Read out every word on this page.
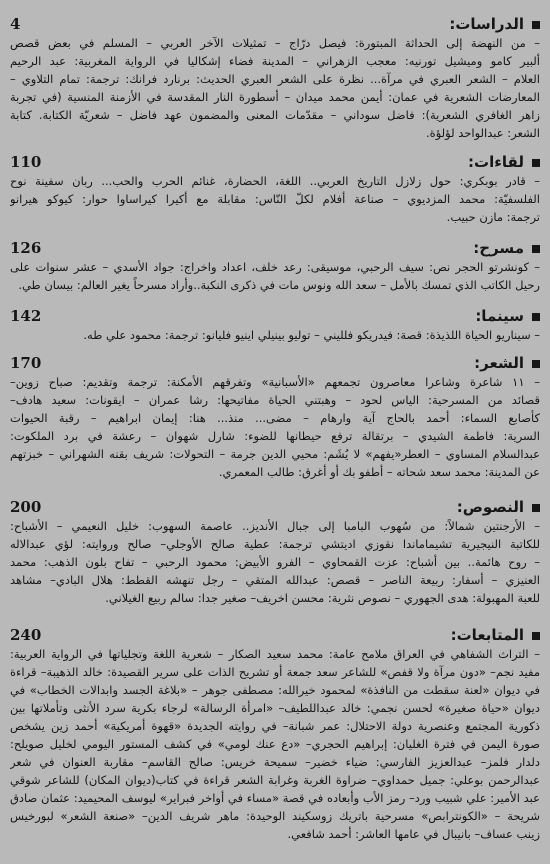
4	الدراسات:
– من النهضة إلى الحداثة المبتورة: فيصل درّاج – تمثيلات الآخر العربي – المسلم في بعض قصص
ألبير كامو وميشيل تورنيه: معجب الزهراني – المدينة فضاء إشكاليا في الرواية المغربية: عبد الرحيم
العلام – الشعر العبري في مرآة... نظرة على الشعر العبري الحديث: برنارد فرانك: ترجمة: تمام التلاوي –
المعارضات الشعرية في عمان: أيمن محمد ميدان – أسطورة النار المقدسة في الأزمنة المنسية (في تجربة
زاهر الغافري الشعرية): فاضل سوداني – مقدّمات المعنى والمضمون عهد فاضل – شعريّة الكتابة. كتابة
الشعر: عبدالواحد لؤلؤة.
110	لقاءات:
– قادر بوبكري: حول زلازل التاريخ العربي.. اللغة، الحضارة، غنائم الحرب والحب... ربان سفينة نوح
الفلسفيّة: محمد المزديوي – صناعة أفلام لكلّ النّاس: مقابلة مع أكيرا كيراساوا حوار: كيوكو هيرانو
ترجمة: مازن حبيب.
126	مسرح:
– كونشرتو الحجر نص: سيف الرحبي، موسيقى: رعد خلف، اعداد واخراج: جواد الأسدي – عشر سنوات على
رحيل الكاتب الذي تمسك بالأمل – سعد الله ونوس مات في ذكرى النكبة..وأراد مسرحاً يغير العالم: بيسان طي.
142	سينما:
– سيناريو الحياة اللذيذة: قصة: فيدريكو فلليني – توليو بينيلي اينيو فليانو: ترجمة: محمود علي طه.
170	الشعر:
– ١١ شاعرة وشاعرا معاصرون تجمعهم «الأسبانية» وتفرقهم الأمكنة: ترجمة وتقديم: صباح زوين–
قصائد من المسرحية: الياس لحود – وهبتني الحياة مفاتيحها: رشا عمران – ايقونات: سعيد هادف–
كأصابع السماء: أحمد بالحاج آية وارهام – مضى... منذ... هنا: إيمان ابراهيم – رقبة الحيوات
السرية: فاطمة الشيدي – برتقالة ترفع حيطانها للضوء: شارل شهوان – رعشة في برد الملكوت:
عبدالسلام المساوي – العطر«يفهم» لا يُشَم: محيي الدين جرمة – التحولات: شريف بقنه الشهراني – خبزتهم
عن المدينة: محمد سعد شحاته – أطفو بك أو أغرق: طالب المعمري.
200	النصوص:
– الأرجنتين شمالاً: من سُهوب البامبا إلى جبال الأنديز.. عاصمة السهوب: خليل النعيمي – الأشباح:
للكاتبة النيجيرية تشيماماندا نقوزي اديتشي ترجمة: عطية صالح الأوجلي– صالح وروايته: لؤي عبدالاله
– روح هائمة.. بين أشباح: عزت القمحاوي – الفرو الأبيض: محمود الرحبي – تفاح بلون الذهب: محمد
العنيزي – أسفار: ربيعة الناصر – قصص: عبدالله المتقي – رجل تنهشه القطط: هلال البادي– مشاهد
للعبة المهبولة: هدى الجهوري – نصوص نثرية: محسن اخريف– صغير جدا: سالم ربيع الغيلاني.
240	المتابعات:
– التراث الشفاهي في العراق ملامح عامة: محمد سعيد الصكار – شعرية اللغة وتجلياتها في الرواية العربية:
مفيد نجم– «دون مرآة ولا قفص» للشاعر سعد جمعة أو تشريح الذات على سرير القصيدة: خالد الذهيبة– قراءة
في ديوان «لعنة سقطت من النافذة» لمحمود خيرالله: مصطفى جوهر – «بلاغة الجسد وابدالات الخطاب» في
ديوان «حياة صغيرة» لحسن نجمي: خالد عبداللطيف– «امرأة الرسالة» لرجاء بكرية سرد الأنثى وتأملاتها بين
ذكورية المجتمع وعنصرية دولة الاحتلال: عمر شبانة– في روايته الجديدة «قهوة أمريكية» أحمد زين يشخص
صورة اليمن في فترة الغليان: إبراهيم الحجري– «دع عنك لومي» في كشف المستور اليومي لخليل صويلح:
دلدار فلمز– عبدالعزيز الفارسي: ضياء خضير– سميحة خريس: صالح القاسم– مقاربة العنوان في شعر
عبدالرحمن بوعلي: جميل حمداوي– ضراوة الغربة وغرابة الشعر قراءة في كتاب(ديوان المكان) للشاعر شوقي
عبد الأمير: علي شبيب ورد– رمز الأب وأبعاده في قصة «مساء في أواخر فبراير» ليوسف المحيميد: عثمان صادق
شريحة – «الكونترابص» مسرحية باتريك زوسكيند الوحيدة: ماهر شريف الدين– «صنعة الشعر» لبورخيس
زينب عساف– بانيبال في عامها العاشر: أحمد شافعي.
